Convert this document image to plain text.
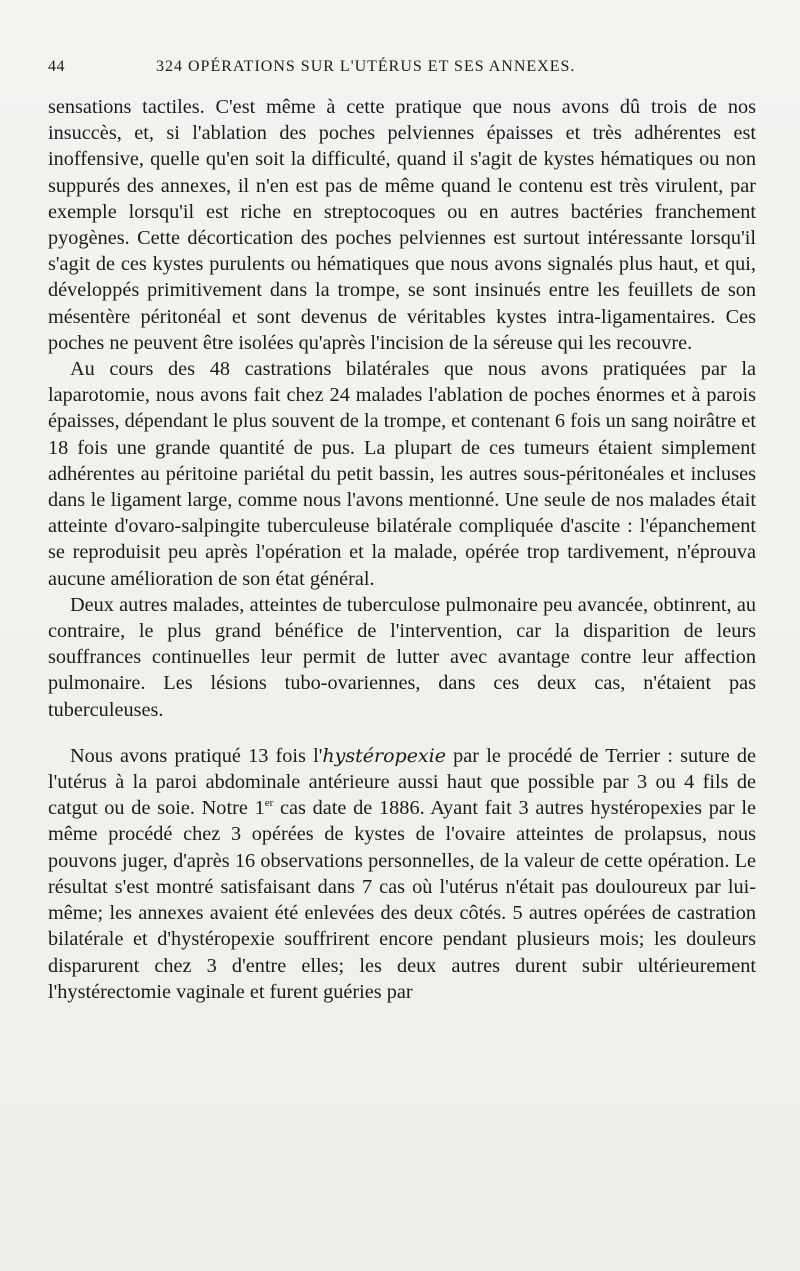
44	324 OPÉRATIONS SUR L'UTÉRUS ET SES ANNEXES.

sensations tactiles. C'est même à cette pratique que nous avons dû trois de nos insuccès, et, si l'ablation des poches pelviennes épaisses et très adhérentes est inoffensive, quelle qu'en soit la difficulté, quand il s'agit de kystes hématiques ou non suppurés des annexes, il n'en est pas de même quand le contenu est très virulent, par exemple lorsqu'il est riche en streptocoques ou en autres bactéries franchement pyogènes. Cette décortication des poches pelviennes est surtout intéressante lorsqu'il s'agit de ces kystes purulents ou hématiques que nous avons signalés plus haut, et qui, développés primitivement dans la trompe, se sont insinués entre les feuillets de son mésentère péritonéal et sont devenus de véritables kystes intra-ligamentaires. Ces poches ne peuvent être isolées qu'après l'incision de la séreuse qui les recouvre.

Au cours des 48 castrations bilatérales que nous avons pratiquées par la laparotomie, nous avons fait chez 24 malades l'ablation de poches énormes et à parois épaisses, dépendant le plus souvent de la trompe, et contenant 6 fois un sang noirâtre et 18 fois une grande quantité de pus. La plupart de ces tumeurs étaient simplement adhérentes au péritoine pariétal du petit bassin, les autres sous-péritonéales et incluses dans le ligament large, comme nous l'avons mentionné. Une seule de nos malades était atteinte d'ovaro-salpingite tuberculeuse bilatérale compliquée d'ascite : l'épanchement se reproduisit peu après l'opération et la malade, opérée trop tardivement, n'éprouva aucune amélioration de son état général.

Deux autres malades, atteintes de tuberculose pulmonaire peu avancée, obtinrent, au contraire, le plus grand bénéfice de l'intervention, car la disparition de leurs souffrances continuelles leur permit de lutter avec avantage contre leur affection pulmonaire. Les lésions tubo-ovariennes, dans ces deux cas, n'étaient pas tuberculeuses.

Nous avons pratiqué 13 fois l'hystéropexie par le procédé de Terrier : suture de l'utérus à la paroi abdominale antérieure aussi haut que possible par 3 ou 4 fils de catgut ou de soie. Notre 1er cas date de 1886. Ayant fait 3 autres hystéropexies par le même procédé chez 3 opérées de kystes de l'ovaire atteintes de prolapsus, nous pouvons juger, d'après 16 observations personnelles, de la valeur de cette opération. Le résultat s'est montré satisfaisant dans 7 cas où l'utérus n'était pas douloureux par lui-même; les annexes avaient été enlevées des deux côtés. 5 autres opérées de castration bilatérale et d'hystéropexie souffrirent encore pendant plusieurs mois; les douleurs disparurent chez 3 d'entre elles; les deux autres durent subir ultérieurement l'hystérectomie vaginale et furent guéries par
